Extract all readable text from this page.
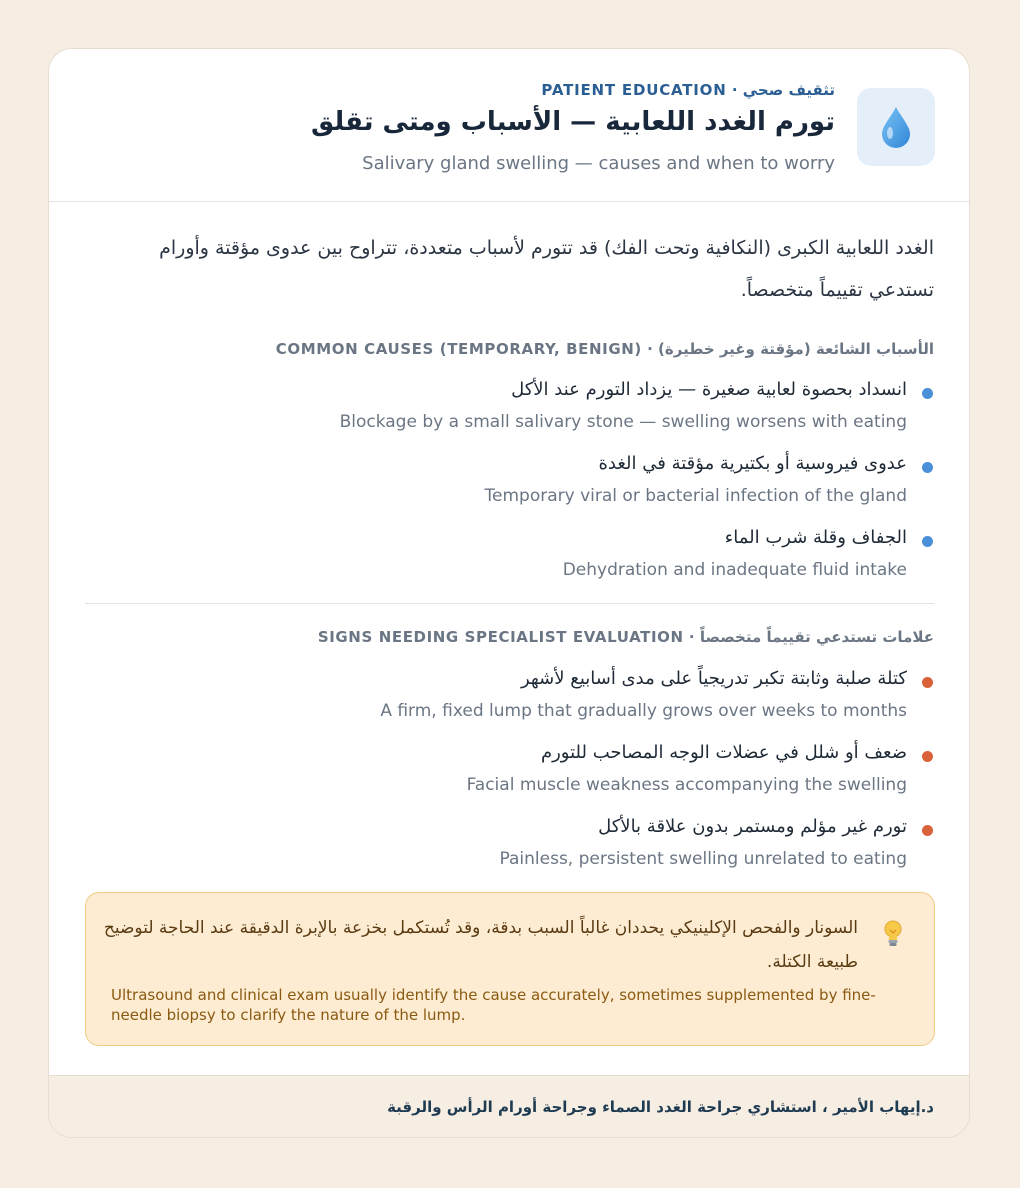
تثقيف صحي · PATIENT EDUCATION
تورم الغدد اللعابية — الأسباب ومتى تقلق
Salivary gland swelling — causes and when to worry
الغدد اللعابية الكبرى (النكافية وتحت الفك) قد تتورم لأسباب متعددة، تتراوح بين عدوى مؤقتة وأورام تستدعي تقييماً متخصصاً.
الأسباب الشائعة (مؤقتة وغير خطيرة) · COMMON CAUSES (TEMPORARY, BENIGN)
انسداد بحصوة لعابية صغيرة — يزداد التورم عند الأكل
Blockage by a small salivary stone — swelling worsens with eating
عدوى فيروسية أو بكتيرية مؤقتة في الغدة
Temporary viral or bacterial infection of the gland
الجفاف وقلة شرب الماء
Dehydration and inadequate fluid intake
علامات تستدعي تقييماً متخصصاً · SIGNS NEEDING SPECIALIST EVALUATION
كتلة صلبة وثابتة تكبر تدريجياً على مدى أسابيع لأشهر
A firm, fixed lump that gradually grows over weeks to months
ضعف أو شلل في عضلات الوجه المصاحب للتورم
Facial muscle weakness accompanying the swelling
تورم غير مؤلم ومستمر بدون علاقة بالأكل
Painless, persistent swelling unrelated to eating
السونار والفحص الإكلينيكي يحددان غالباً السبب بدقة، وقد تُستكمل بخزعة بالإبرة الدقيقة عند الحاجة لتوضيح طبيعة الكتلة.
Ultrasound and clinical exam usually identify the cause accurately, sometimes supplemented by fine-needle biopsy to clarify the nature of the lump.
د.إيهاب الأمير ، استشاري جراحة الغدد الصماء وجراحة أورام الرأس والرقبة
